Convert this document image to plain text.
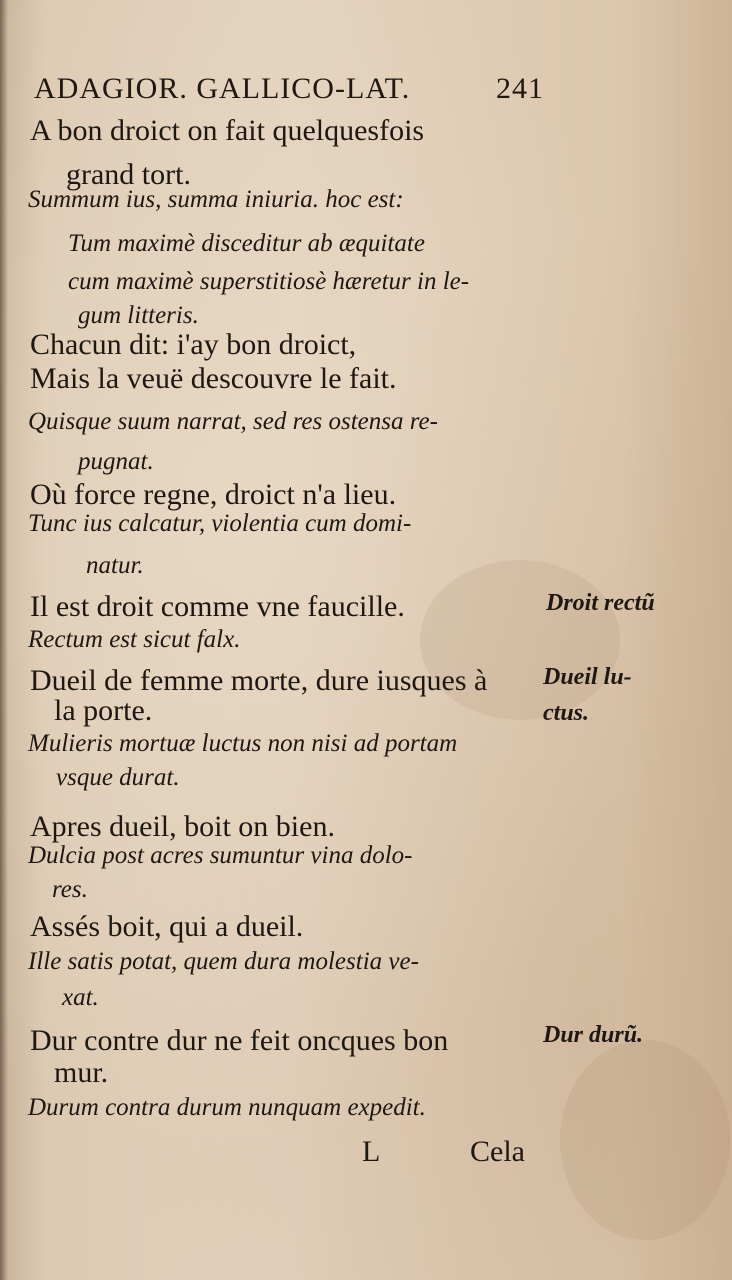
ADAGIOR. GALLICO-LAT.	241
A bon droict on fait quelquesfois
grand tort.
Summum ius, summa iniuria. hoc est:
Tum maximè disceditur ab æquitate
cum maximè superstitiosè hæretur in le-
gum litteris.
Chacun dit: i'ay bon droict,
Mais la veuë descouvre le fait.
Quisque suum narrat, sed res ostensa re-
pugnat.
Où force regne, droict n'a lieu.
Tunc ius calcatur, violentia cum domi-
natur.
Il est droit comme vne faucille.
Rectum est sicut falx.
Dueil de femme morte, dure iusques à
la porte.
Mulieris mortuæ luctus non nisi ad portam
vsque durat.
Apres dueil, boit on bien.
Dulcia post acres sumuntur vina dolo-
res.
Assés boit, qui a dueil.
Ille satis potat, quem dura molestia ve-
xat.
Dur contre dur ne feit oncques bon
mur.
Durum contra durum nunquam expedit.
Droit rectũ
Dueil lu-
ctus.
Dur durũ.
L	Cela
